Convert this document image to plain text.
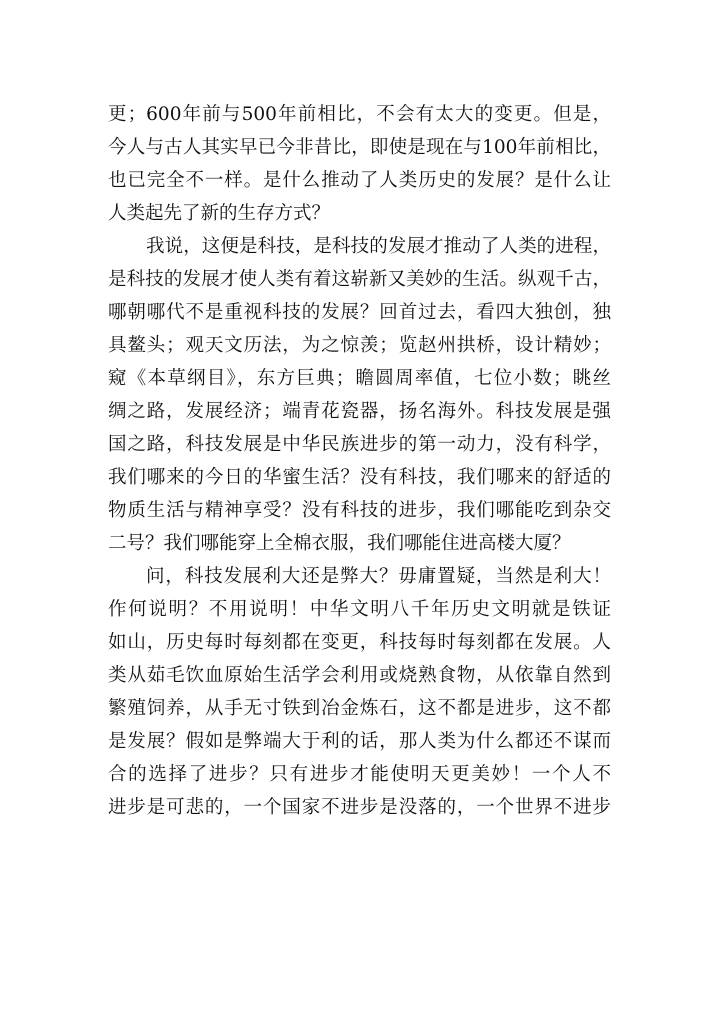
更；600年前与500年前相比，不会有太大的变更。但是，
今人与古人其实早已今非昔比，即使是现在与100年前相比，
也已完全不一样。是什么推动了人类历史的发展？是什么让
人类起先了新的生存方式？
我说，这便是科技，是科技的发展才推动了人类的进程，
是科技的发展才使人类有着这崭新又美妙的生活。纵观千古，
哪朝哪代不是重视科技的发展？回首过去，看四大独创，独
具鳌头；观天文历法，为之惊羡；览赵州拱桥，设计精妙；
窥《本草纲目》，东方巨典；瞻圆周率值，七位小数；眺丝
绸之路，发展经济；端青花瓷器，扬名海外。科技发展是强
国之路，科技发展是中华民族进步的第一动力，没有科学，
我们哪来的今日的华蜜生活？没有科技，我们哪来的舒适的
物质生活与精神享受？没有科技的进步，我们哪能吃到杂交
二号？我们哪能穿上全棉衣服，我们哪能住进高楼大厦？
问，科技发展利大还是弊大？毋庸置疑，当然是利大！
作何说明？不用说明！中华文明八千年历史文明就是铁证
如山，历史每时每刻都在变更，科技每时每刻都在发展。人
类从茹毛饮血原始生活学会利用或烧熟食物，从依靠自然到
繁殖饲养，从手无寸铁到冶金炼石，这不都是进步，这不都
是发展？假如是弊端大于利的话，那人类为什么都还不谋而
合的选择了进步？只有进步才能使明天更美妙！一个人不
进步是可悲的，一个国家不进步是没落的，一个世界不进步
